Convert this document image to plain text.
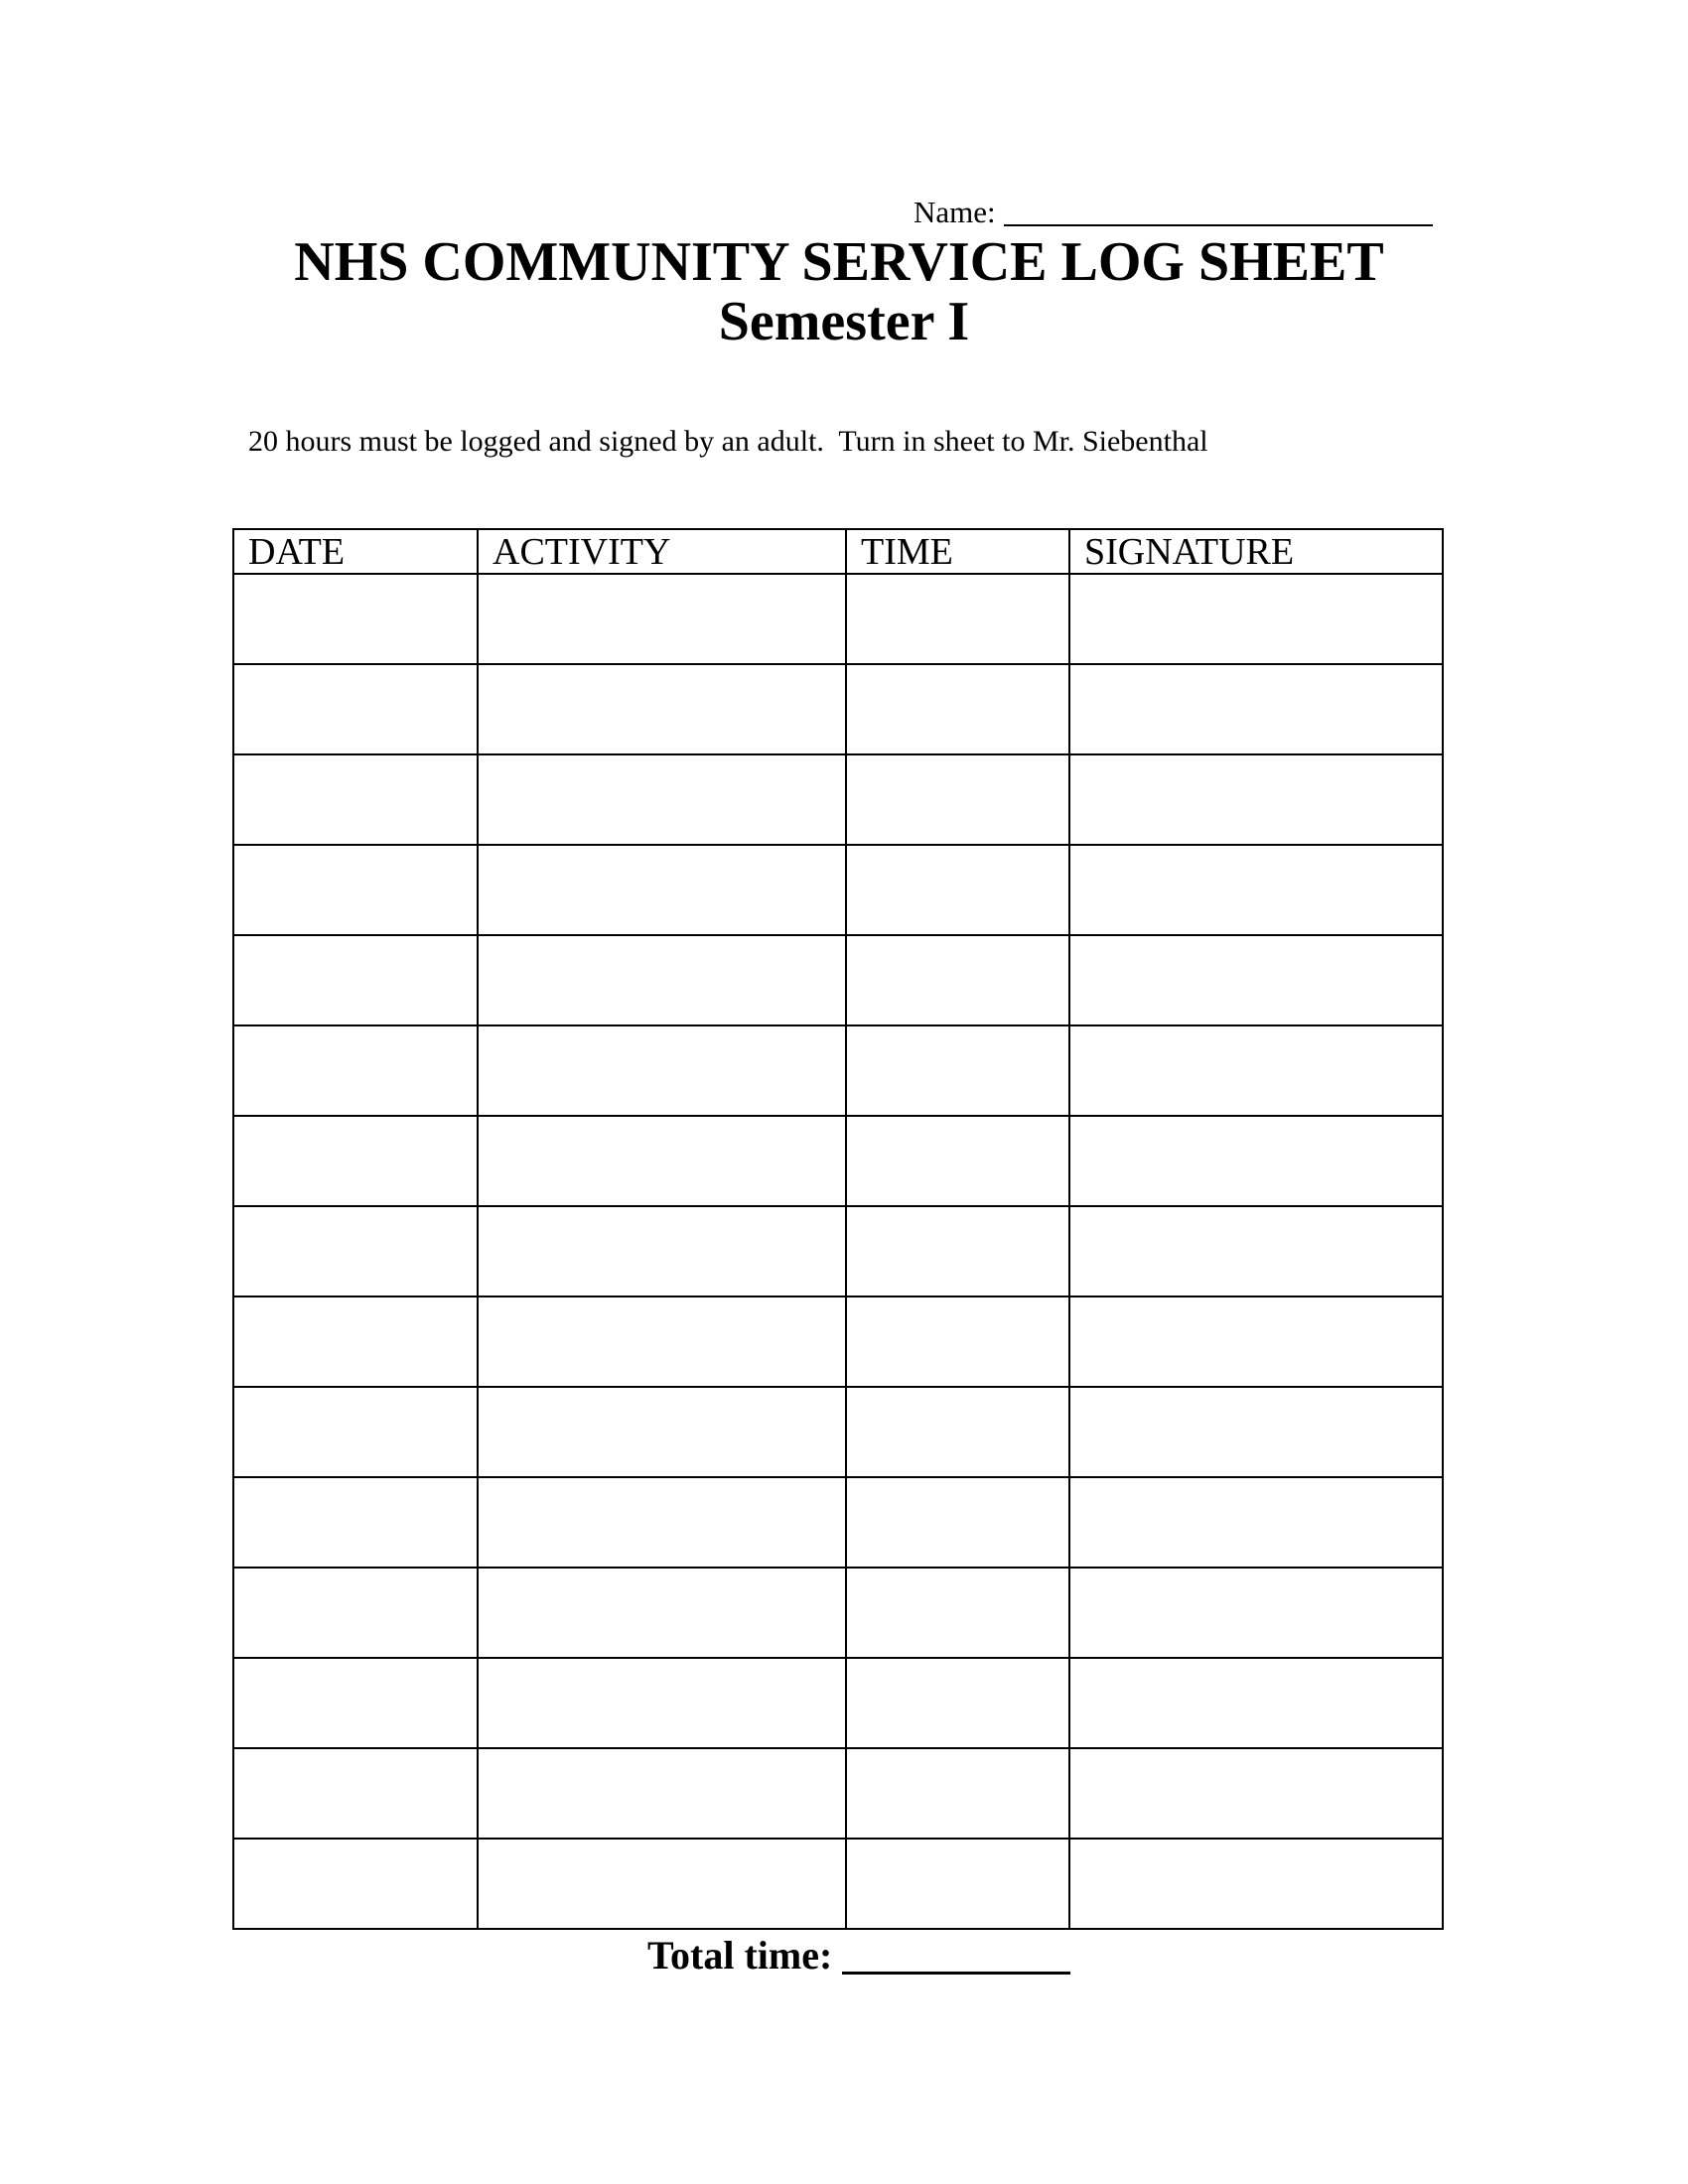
Name:
NHS COMMUNITY SERVICE LOG SHEET
Semester I
20 hours must be logged and signed by an adult.  Turn in sheet to Mr. Siebenthal
DATE	ACTIVITY	TIME	SIGNATURE

Total time:
